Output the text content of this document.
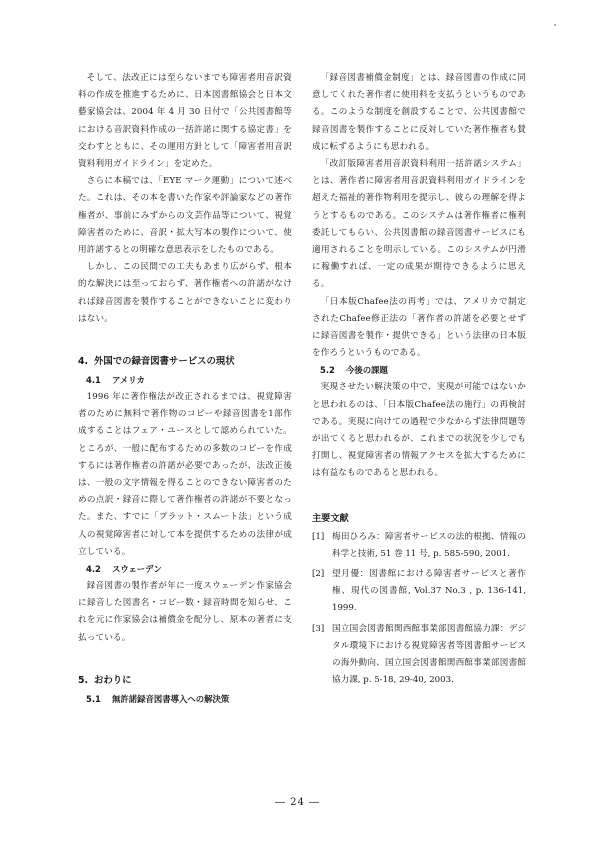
そして、法改正には至らないまでも障害者用音訳資料の作成を推進するために、日本図書館協会と日本文藝家協会は、2004 年 4 月 30 日付で「公共図書館等における音訳資料作成の一括許諾に関する協定書」を交わすとともに、その運用方針として「障害者用音訳資料利用ガイドライン」を定めた。

さらに本稿では、「EYE マーク運動」について述べた。これは、その本を書いた作家や評論家などの著作権者が、事前にみずからの文芸作品等について、視覚障害者のために、音訳・拡大写本の製作について、使用許諾するとの明確な意思表示をしたものである。

しかし、この民間での工夫もあまり広がらず、根本的な解決には至っておらず、著作権者への許諾がなければ録音図書を製作することができないことに変わりはない。

4. 外国での録音図書サービスの現状
4.1 アメリカ

1996 年に著作権法が改正されるまでは、視覚障害者のために無料で著作物のコピーや録音図書を1部作成することはフェア・ユースとして認められていた。ところが、一般に配布するための多数のコピーを作成するには著作権者の許諾が必要であったが、法改正後は、一般の文字情報を得ることのできない障害者のための点訳・録音に際して著作権者の許諾が不要となった。また、すでに「プラット・スムート法」という成人の視覚障害者に対して本を提供するための法律が成立している。

4.2 スウェーデン

録音図書の製作者が年に一度スウェーデン作家協会に録音した図書名・コピー数・録音時間を知らせ、これを元に作家協会は補償金を配分し、原本の著者に支払っている。

5. おわりに
5.1 無許諾録音図書導入への解決策

「録音図書補償金制度」とは、録音図書の作成に同意してくれた著作者に使用料を支払うというものである。このような制度を創設することで、公共図書館で録音図書を製作することに反対していた著作権者も賛成に転ずるようにも思われる。

「改訂版障害者用音訳資料利用一括許諾システム」とは、著作者に障害者用音訳資料利用ガイドラインを超えた福祉的著作物利用を提示し、彼らの理解を得ようとするものである。このシステムは著作権者に権利委託してもらい、公共図書館の録音図書サービスにも適用されることを明示している。このシステムが円滑に稼働すれば、一定の成果が期待できるように思える。

「日本版Chafee法の再考」では、アメリカで制定されたChafee修正法の「著作者の許諾を必要とせずに録音図書を製作・提供できる」という法律の日本版を作ろうというものである。

5.2 今後の課題

実現させたい解決策の中で、実現が可能ではないかと思われるのは、「日本版Chafee法の施行」の再検討である。実現に向けての過程で少なからず法律問題等が出てくると思われるが、これまでの状況を少しでも打開し、視覚障害者の情報アクセスを拡大するためには有益なものであると思われる。

主要文献
[1] 梅田ひろみ：障害者サービスの法的根拠、情報の科学と技術, 51 巻 11 号, p. 585-590, 2001.
[2] 望月優：図書館における障害者サービスと著作権、現代の図書館, Vol.37 No.3 , p. 136-141, 1999.
[3] 国立国会図書館関西館事業部図書館協力課：デジタル環境下における視覚障害者等図書館サービスの海外動向、国立国会図書館関西館事業部図書館協力課, p. 5-18, 29-40, 2003.
― 24 ―
